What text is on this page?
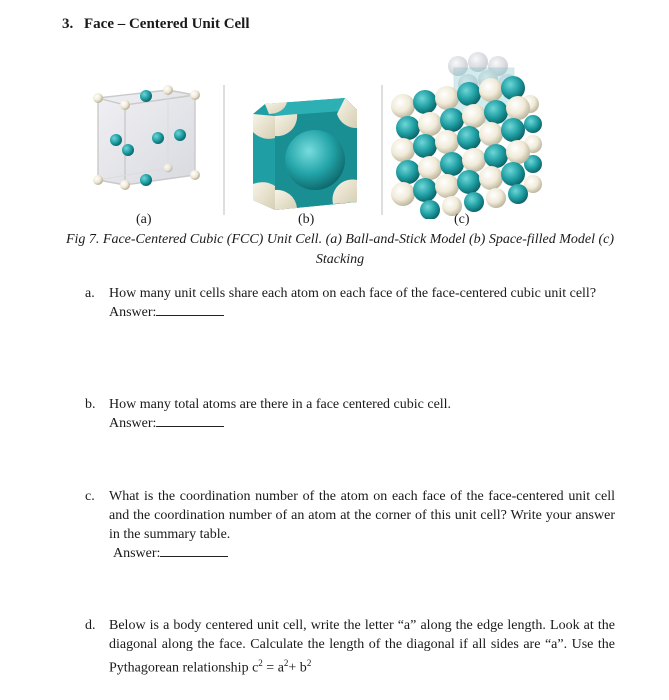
3. Face – Centered Unit Cell
(a)	(b)	(c)
Fig 7. Face-Centered Cubic (FCC) Unit Cell. (a) Ball-and-Stick Model (b) Space-filled Model (c) Stacking
a. How many unit cells share each atom on each face of the face-centered cubic unit cell?
Answer:
b. How many total atoms are there in a face centered cubic cell.
Answer:
c. What is the coordination number of the atom on each face of the face-centered unit cell and the coordination number of an atom at the corner of this unit cell? Write your answer in the summary table.
Answer:
d. Below is a body centered unit cell, write the letter “a” along the edge length. Look at the diagonal along the face. Calculate the length of the diagonal if all sides are “a”. Use the Pythagorean relationship $c^2 = a^2+ b^2$
